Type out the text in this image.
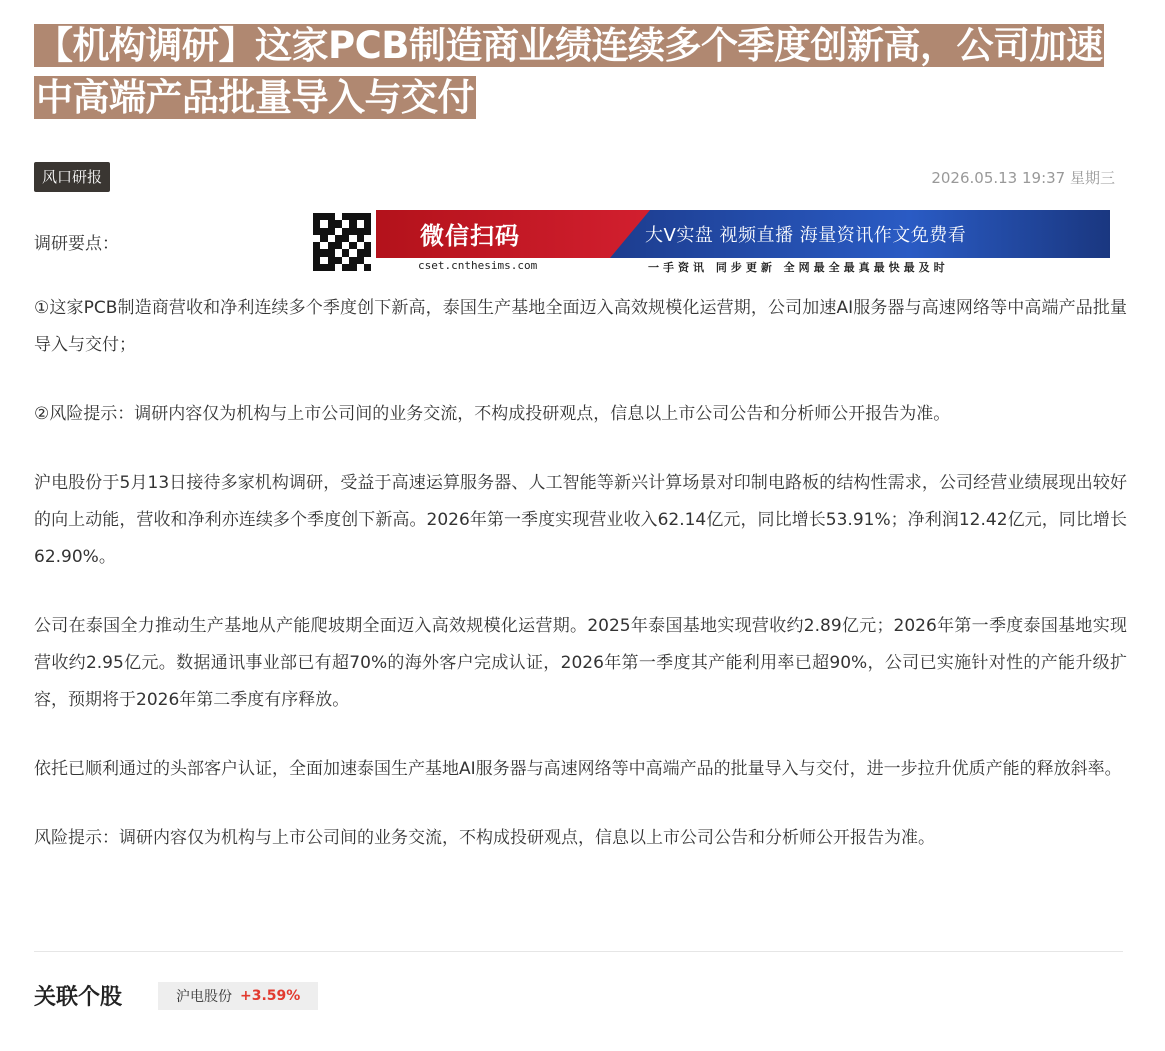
【机构调研】这家PCB制造商业绩连续多个季度创新高，公司加速中高端产品批量导入与交付
风口研报	2026.05.13 19:37 星期三
调研要点：	微信扫码	大V实盘 视频直播 海量资讯作文免费看
cset.cnthesims.com	一手资讯 同步更新 全网最全最真最快最及时

①这家PCB制造商营收和净利连续多个季度创下新高，泰国生产基地全面迈入高效规模化运营期，公司加速AI服务器与高速网络等中高端产品批量导入与交付；

②风险提示：调研内容仅为机构与上市公司间的业务交流，不构成投研观点，信息以上市公司公告和分析师公开报告为准。

沪电股份于5月13日接待多家机构调研，受益于高速运算服务器、人工智能等新兴计算场景对印制电路板的结构性需求，公司经营业绩展现出较好的向上动能，营收和净利亦连续多个季度创下新高。2026年第一季度实现营业收入62.14亿元，同比增长53.91%；净利润12.42亿元，同比增长62.90%。

公司在泰国全力推动生产基地从产能爬坡期全面迈入高效规模化运营期。2025年泰国基地实现营收约2.89亿元；2026年第一季度泰国基地实现营收约2.95亿元。数据通讯事业部已有超70%的海外客户完成认证，2026年第一季度其产能利用率已超90%，公司已实施针对性的产能升级扩容，预期将于2026年第二季度有序释放。

依托已顺利通过的头部客户认证，全面加速泰国生产基地AI服务器与高速网络等中高端产品的批量导入与交付，进一步拉升优质产能的释放斜率。

风险提示：调研内容仅为机构与上市公司间的业务交流，不构成投研观点，信息以上市公司公告和分析师公开报告为准。

关联个股	沪电股份 +3.59%
